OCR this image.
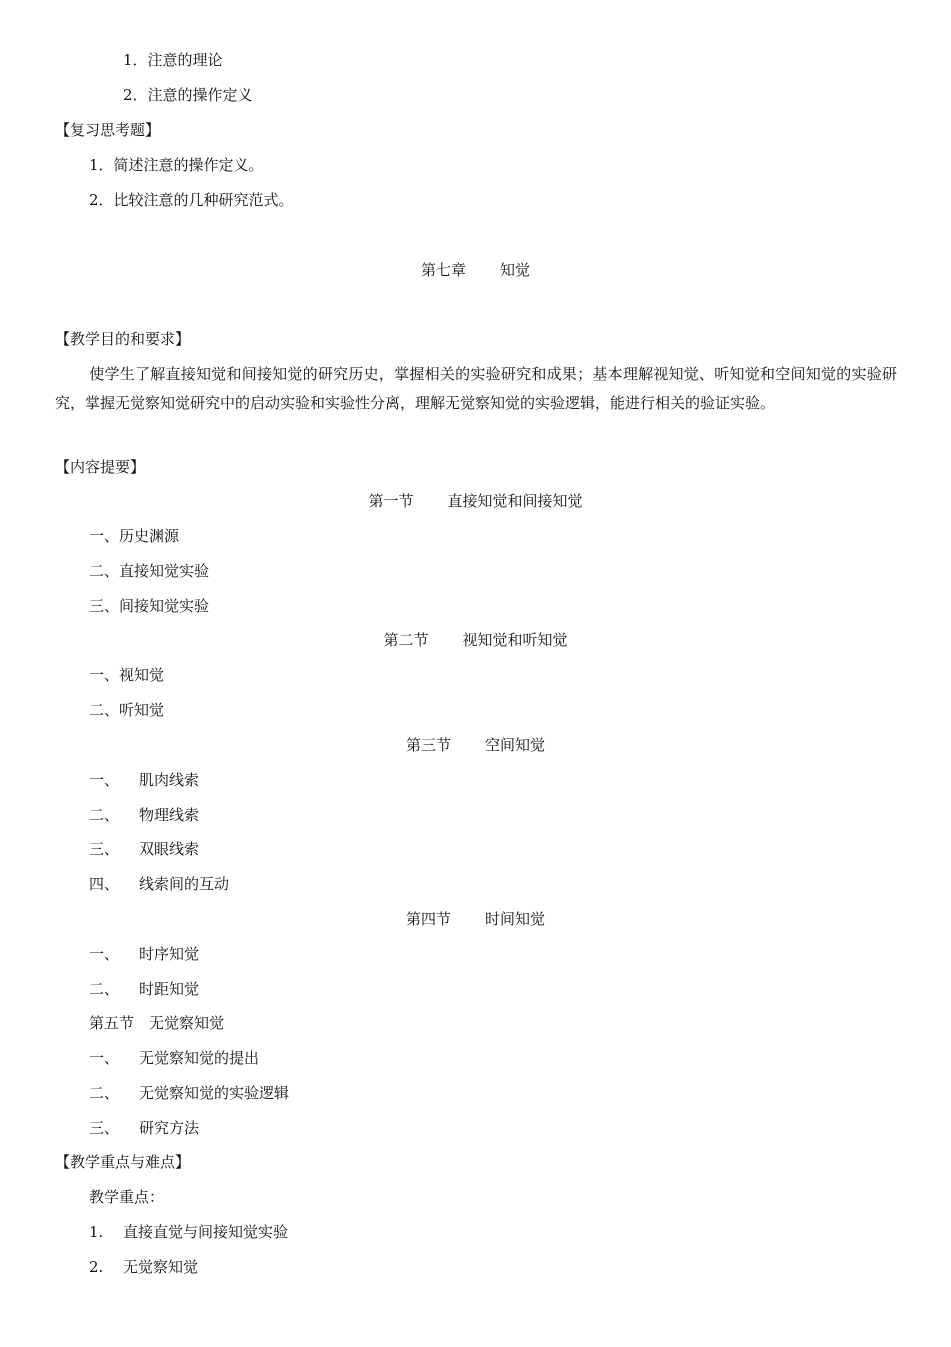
1．注意的理论
2．注意的操作定义
【复习思考题】
1．简述注意的操作定义。
2．比较注意的几种研究范式。
第七章 知觉
【教学目的和要求】
使学生了解直接知觉和间接知觉的研究历史，掌握相关的实验研究和成果；基本理解视知觉、听知觉和空间知觉的实验研究，掌握无觉察知觉研究中的启动实验和实验性分离，理解无觉察知觉的实验逻辑，能进行相关的验证实验。
【内容提要】
第一节 直接知觉和间接知觉
一、历史渊源
二、直接知觉实验
三、间接知觉实验
第二节 视知觉和听知觉
一、视知觉
二、听知觉
第三节 空间知觉
一、 肌肉线索
二、 物理线索
三、 双眼线索
四、 线索间的互动
第四节 时间知觉
一、 时序知觉
二、 时距知觉
第五节　无觉察知觉
一、 无觉察知觉的提出
二、 无觉察知觉的实验逻辑
三、 研究方法
【教学重点与难点】
教学重点：
1. 直接直觉与间接知觉实验
2. 无觉察知觉
